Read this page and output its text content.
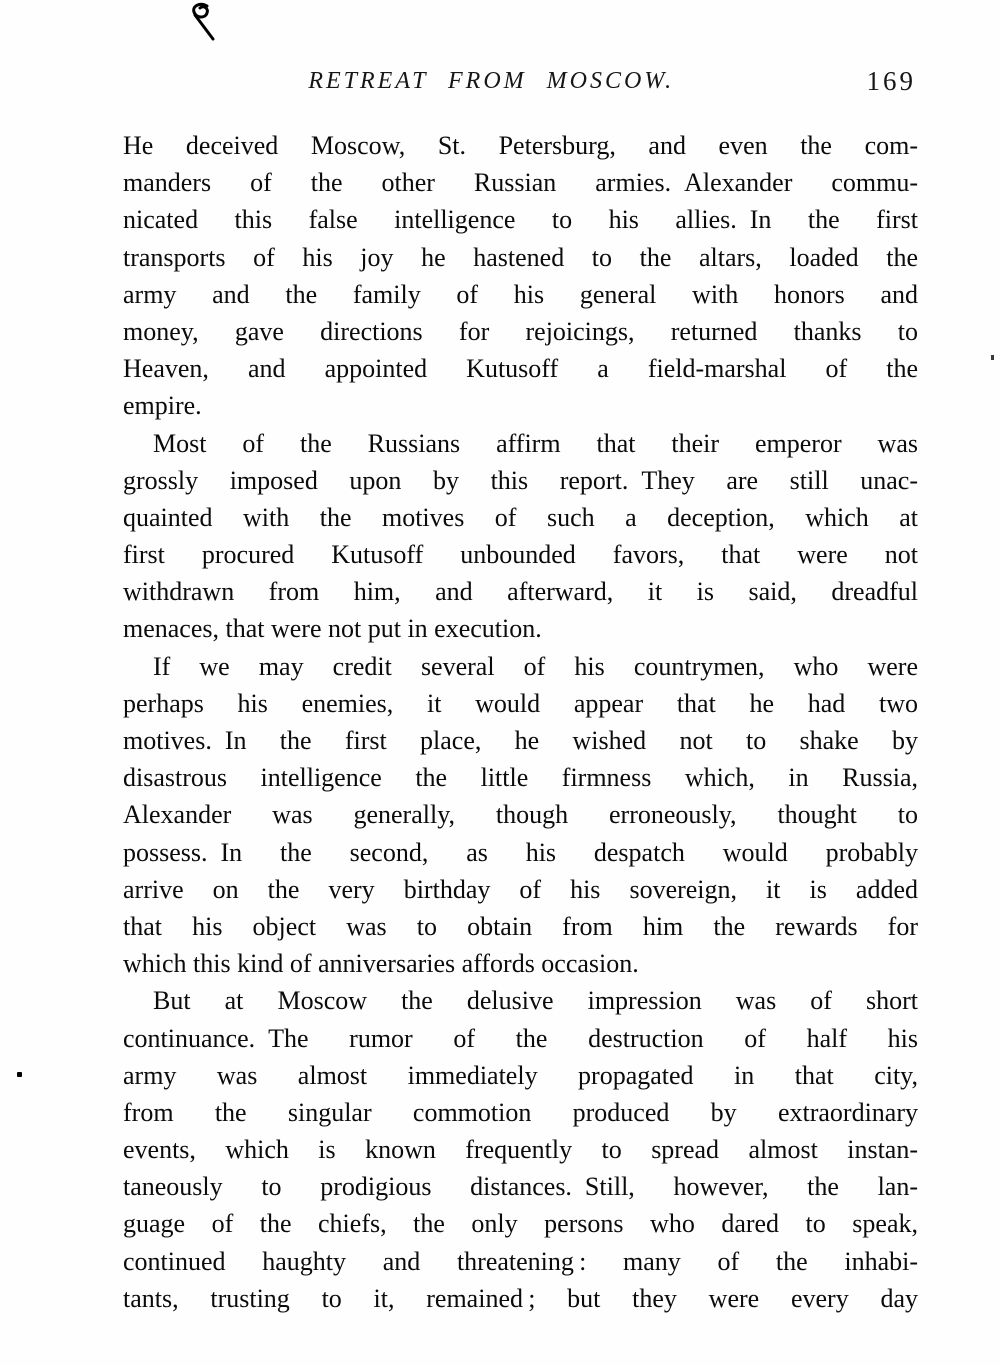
RETREAT FROM MOSCOW.	169
He deceived Moscow, St. Petersburg, and even the com-
manders of the other Russian armies. Alexander commu-
nicated this false intelligence to his allies. In the first
transports of his joy he hastened to the altars, loaded the
army and the family of his general with honors and
money, gave directions for rejoicings, returned thanks to
Heaven, and appointed Kutusoff a field-marshal of the
empire.
Most of the Russians affirm that their emperor was
grossly imposed upon by this report. They are still unac-
quainted with the motives of such a deception, which at
first procured Kutusoff unbounded favors, that were not
withdrawn from him, and afterward, it is said, dreadful
menaces, that were not put in execution.
If we may credit several of his countrymen, who were
perhaps his enemies, it would appear that he had two
motives. In the first place, he wished not to shake by
disastrous intelligence the little firmness which, in Russia,
Alexander was generally, though erroneously, thought to
possess. In the second, as his despatch would probably
arrive on the very birthday of his sovereign, it is added
that his object was to obtain from him the rewards for
which this kind of anniversaries affords occasion.
But at Moscow the delusive impression was of short
continuance. The rumor of the destruction of half his
army was almost immediately propagated in that city,
from the singular commotion produced by extraordinary
events, which is known frequently to spread almost instan-
taneously to prodigious distances. Still, however, the lan-
guage of the chiefs, the only persons who dared to speak,
continued haughty and threatening : many of the inhabi-
tants, trusting to it, remained ; but they were every day
